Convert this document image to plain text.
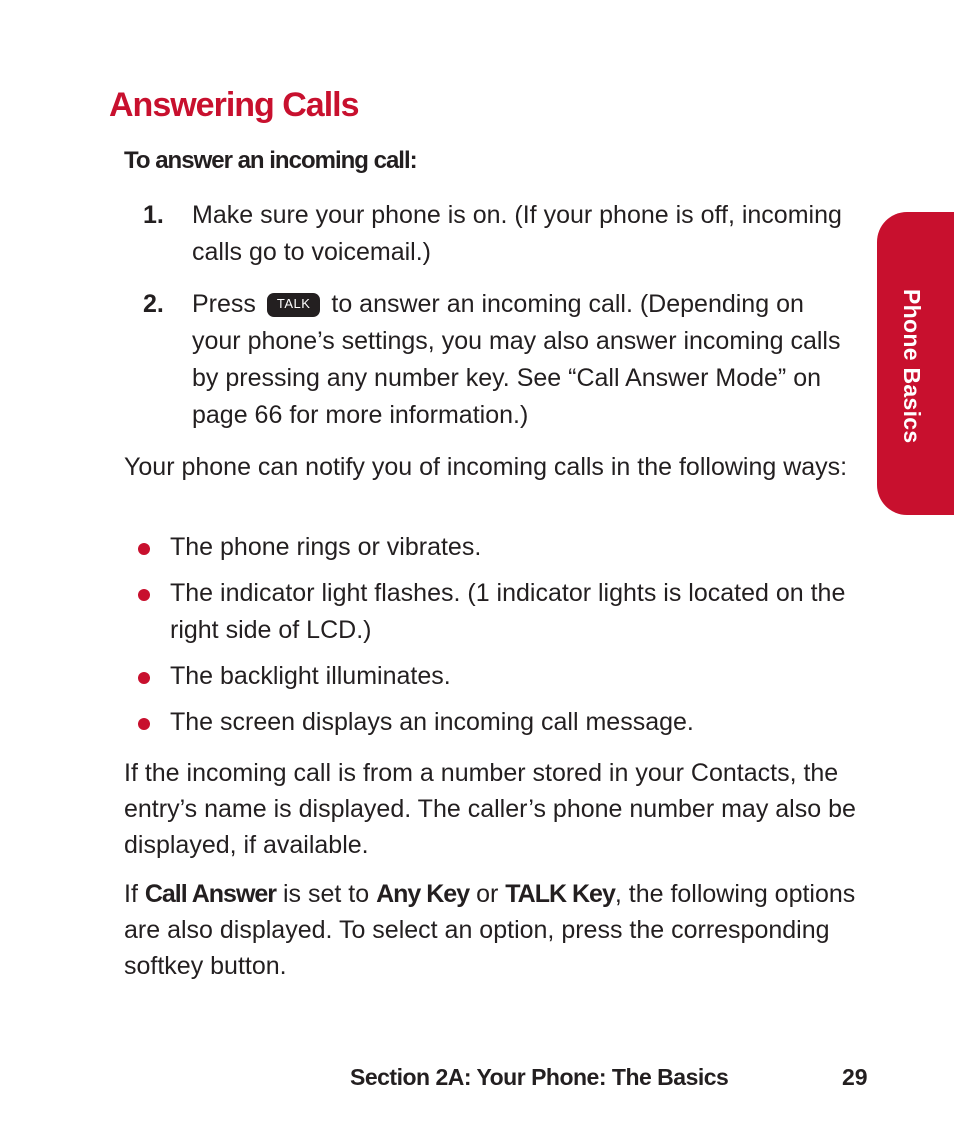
Answering Calls
To answer an incoming call:
1. Make sure your phone is on. (If your phone is off, incoming calls go to voicemail.)
2. Press TALK to answer an incoming call. (Depending on your phone’s settings, you may also answer incoming calls by pressing any number key. See “Call Answer Mode” on page 66 for more information.)
Your phone can notify you of incoming calls in the following ways:
The phone rings or vibrates.
The indicator light flashes. (1 indicator lights is located on the right side of LCD.)
The backlight illuminates.
The screen displays an incoming call message.
If the incoming call is from a number stored in your Contacts, the entry’s name is displayed. The caller’s phone number may also be displayed, if available.
If Call Answer is set to Any Key or TALK Key, the following options are also displayed. To select an option, press the corresponding softkey button.
Phone Basics
Section 2A: Your Phone: The Basics	29
